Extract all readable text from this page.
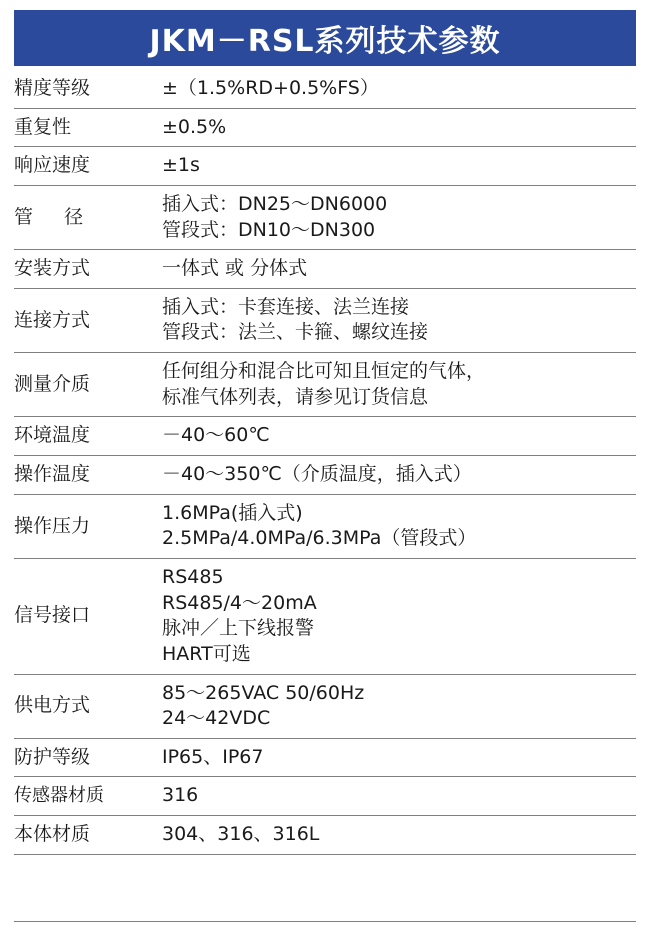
JKM－RSL系列技术参数
精度等级	±（1.5%RD+0.5%FS）

重复性	±0.5%

响应速度	±1s

管　径	插入式：DN25～DN6000
管段式：DN10～DN300

安装方式	一体式 或 分体式

连接方式	插入式：卡套连接、法兰连接
管段式：法兰、卡箍、螺纹连接

测量介质	任何组分和混合比可知且恒定的气体，
标准气体列表，请参见订货信息

环境温度	－40～60℃

操作温度	－40～350℃（介质温度，插入式）

操作压力	1.6MPa(插入式)
2.5MPa/4.0MPa/6.3MPa（管段式）

信号接口	RS485
RS485/4～20mA
脉冲／上下线报警
HART可选

供电方式	85～265VAC 50/60Hz
24～42VDC

防护等级	IP65、IP67

传感器材质	316

本体材质	304、316、316L
